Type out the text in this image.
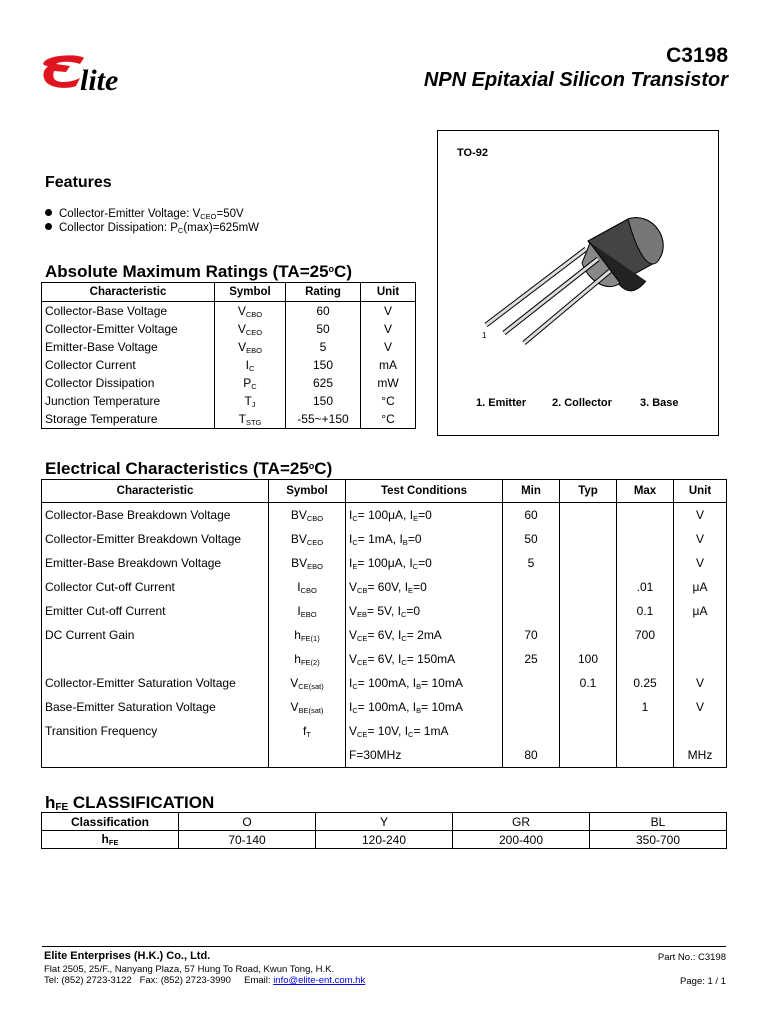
lite
C3198
NPN Epitaxial Silicon Transistor
TO-92
1
1. Emitter 2. Collector	3. Base
Features
Collector-Emitter Voltage: $V_{CEO}=50V$
Collector Dissipation: $P_C(\max)=625mW$
Absolute Maximum Ratings $(TA=25^oC)$
Characteristic	Symbol	Rating	Unit
Collector-Base Voltage	$V_{CBO}$	60	V
Collector-Emitter Voltage	$V_{CEO}$	50	V
Emitter-Base Voltage	$V_{EBO}$	5	V
Collector Current	$I_C$	150	mA
Collector Dissipation	$P_C$	625	mW
Junction Temperature	$T_J$	150	°C
Storage Temperature	$T_{STG}$	-55~+150	°C
Electrical Characteristics $(TA=25^oC)$
Characteristic	Symbol	Test Conditions	Min	Typ	Max	Unit
Collector-Base Breakdown Voltage	$BV_{CBO}$	$I_C= 100\mu A$, $I_E=0$	60			V
Collector-Emitter Breakdown Voltage	$BV_{CEO}$	$I_C= 1mA$, $I_B=0$	50			V
Emitter-Base Breakdown Voltage	$BV_{EBO}$	$I_E= 100\mu A$, $I_C=0$	5			V
Collector Cut-off Current	$I_{CBO}$	$V_{CB}= 60V$, $I_E=0$			.01	μA
Emitter Cut-off Current	$I_{EBO}$	$V_{EB}= 5V$, $I_C=0$			0.1	μA
DC Current Gain	$h_{FE(1)}$	$V_{CE}= 6V$, $I_C= 2mA$	70		700	
	$h_{FE(2)}$	$V_{CE}= 6V$, $I_C= 150mA$	25	100		
Collector-Emitter Saturation Voltage	$V_{CE(sat)}$	$I_C= 100mA$, $I_B= 10mA$		0.1	0.25	V
Base-Emitter Saturation Voltage	$V_{BE(sat)}$	$I_C= 100mA$, $I_B= 10mA$			1	V
Transition Frequency	$f_T$	$V_{CE}= 10V$, $I_C= 1mA$				
		F=30MHz	80			MHz
$h_{FE}$ CLASSIFICATION
Classification	O	Y	GR	BL
$h_{FE}$	70-140	120-240	200-400	350-700
Elite Enterprises (H.K.) Co., Ltd.
Flat 2505, 25/F., Nanyang Plaza, 57 Hung To Road, Kwun Tong, H.K.
Tel: (852) 2723-3122   Fax: (852) 2723-3990     Email: info@elite-ent.com.hk
Part No.: C3198
Page: 1 / 1
